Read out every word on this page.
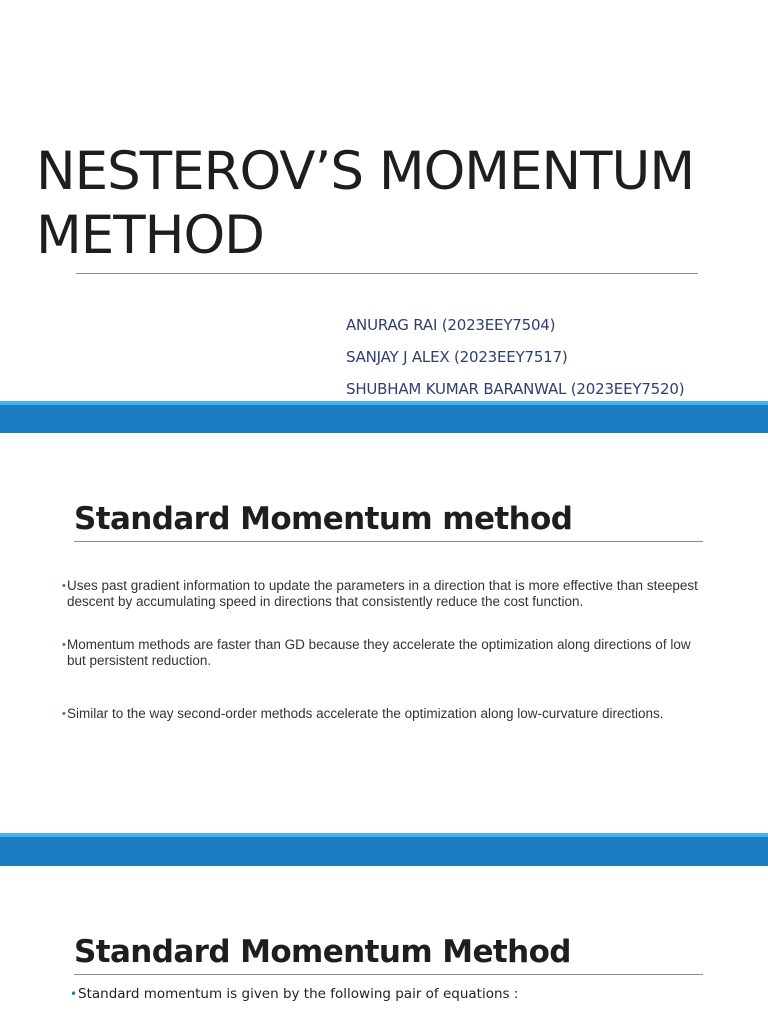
NESTEROV’S MOMENTUM
METHOD
ANURAG RAI (2023EEY7504)
SANJAY J ALEX (2023EEY7517)
SHUBHAM KUMAR BARANWAL (2023EEY7520)
Standard Momentum method
• Uses past gradient information to update the parameters in a direction that is more effective than steepest descent by accumulating speed in directions that consistently reduce the cost function.
• Momentum methods are faster than GD because they accelerate the optimization along directions of low but persistent reduction.
• Similar to the way second-order methods accelerate the optimization along low-curvature directions.
Standard Momentum Method
• Standard momentum is given by the following pair of equations :
